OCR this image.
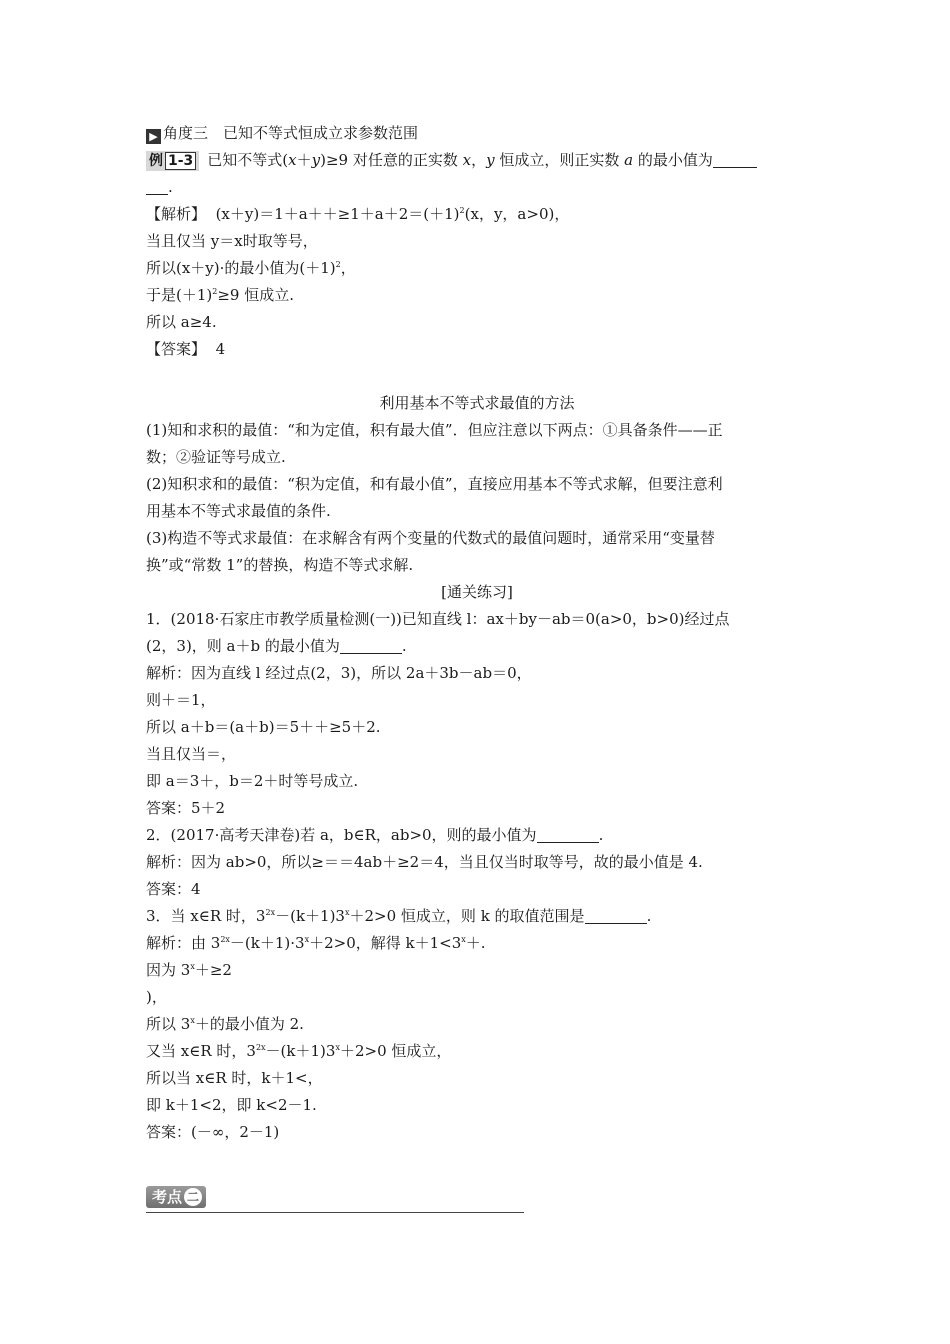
▶ 角度三　已知不等式恒成立求参数范围
例 1-3 已知不等式(x＋y)≥9 对任意的正实数 x，y 恒成立，则正实数 a 的最小值为
.
【解析】 $(x+y)=1+a++\ge 1+a+2=(+1)^2(x$，y，a>0)，
当且仅当 y＝x时取等号，
所以(x＋y)·的最小值为$(+1)^2$，
于是$(+1)^2\ge 9$ 恒成立.
所以 a≥4.
【答案】 4
利用基本不等式求最值的方法
(1)知和求积的最值：“和为定值，积有最大值”．但应注意以下两点：①具备条件——正
数；②验证等号成立.
(2)知积求和的最值：“积为定值，和有最小值”，直接应用基本不等式求解，但要注意利
用基本不等式求最值的条件.
(3)构造不等式求最值：在求解含有两个变量的代数式的最值问题时，通常采用“变量替
换”或“常数 1”的替换，构造不等式求解.
[通关练习]
1．(2018·石家庄市教学质量检测(一))已知直线 l：ax＋by－ab＝0(a>0，b>0)经过点
(2，3)，则 a＋b 的最小值为	.
解析：因为直线 l 经过点(2，3)，所以 2a＋3b－ab＝0，
则＋＝1，
所以 a＋b＝(a＋b)＝5＋＋≥5＋2.
当且仅当＝，
即 a＝3＋，b＝2＋时等号成立.
答案：5＋2
2．(2017·高考天津卷)若 a，b∈R，ab>0，则的最小值为	.
解析：因为 ab>0，所以≥＝＝4ab＋≥2＝4，当且仅当时取等号，故的最小值是 4.
答案：4
3．当 x∈R 时，$3^{2x}-(k+1)3^x+2>0$ 恒成立，则 k 的取值范围是	.
解析：由 $3^{2x}-(k+1)\cdot 3^x+2>0$，解得 $k+1<3^x+$.
因为 $3^x+\ge 2$
)，
所以 $3^x+$的最小值为 2.
又当 x∈R 时，$3^{2x}-(k+1)3^x+2>0$ 恒成立，
所以当 x∈R 时，k＋1<，
即 k＋1<2，即 k<2－1.
答案：(－∞，2－1)
考点 二
